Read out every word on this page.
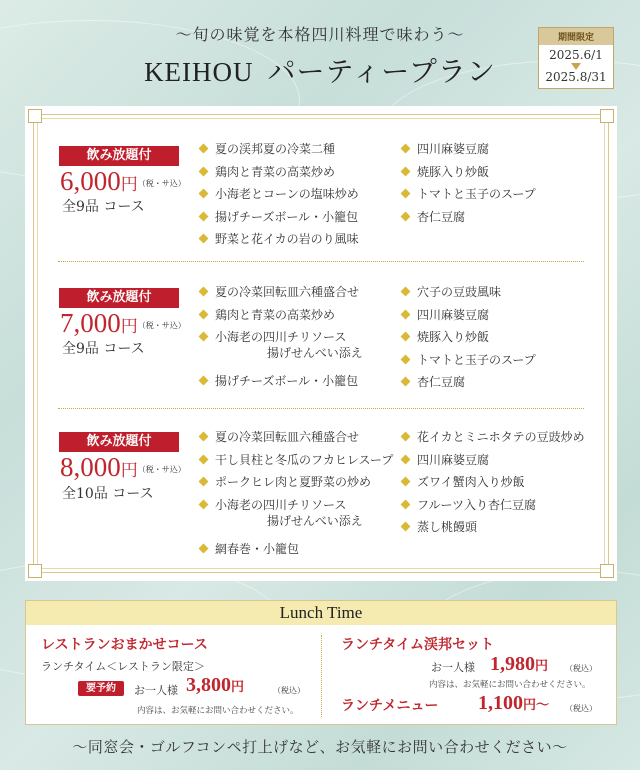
〜旬の味覚を本格四川料理で味わう〜
KEIHOU パーティープラン
期間限定
2025.6/1
2025.8/31
飲み放題付
6,000円（税・サ込）
全9品 コース
夏の渓邦夏の冷菜二種
鶏肉と青菜の高菜炒め
小海老とコーンの塩味炒め
揚げチーズボール・小籠包
野菜と花イカの岩のり風味
四川麻婆豆腐
焼豚入り炒飯
トマトと玉子のスープ
杏仁豆腐
飲み放題付
7,000円（税・サ込）
全9品 コース
夏の冷菜回転皿六種盛合せ
鶏肉と青菜の高菜炒め
小海老の四川チリソース
揚げせんべい添え
揚げチーズボール・小籠包
穴子の豆豉風味
四川麻婆豆腐
焼豚入り炒飯
トマトと玉子のスープ
杏仁豆腐
飲み放題付
8,000円（税・サ込）
全10品 コース
夏の冷菜回転皿六種盛合せ
干し貝柱と冬瓜のフカヒレスープ
ポークヒレ肉と夏野菜の炒め
小海老の四川チリソース
揚げせんべい添え
網春巻・小籠包
花イカとミニホタテの豆豉炒め
四川麻婆豆腐
ズワイ蟹肉入り炒飯
フルーツ入り杏仁豆腐
蒸し桃饅頭
Lunch Time
レストランおまかせコース
ランチタイム＜レストラン限定＞
要予約	お一人様 3,800円	（税込）
内容は、お気軽にお問い合わせください。
ランチタイム渓邦セット
お一人様 1,980円 （税込）
内容は、お気軽にお問い合わせください。
ランチメニュー 1,100円〜 （税込）
〜同窓会・ゴルフコンペ打上げなど、お気軽にお問い合わせください〜
